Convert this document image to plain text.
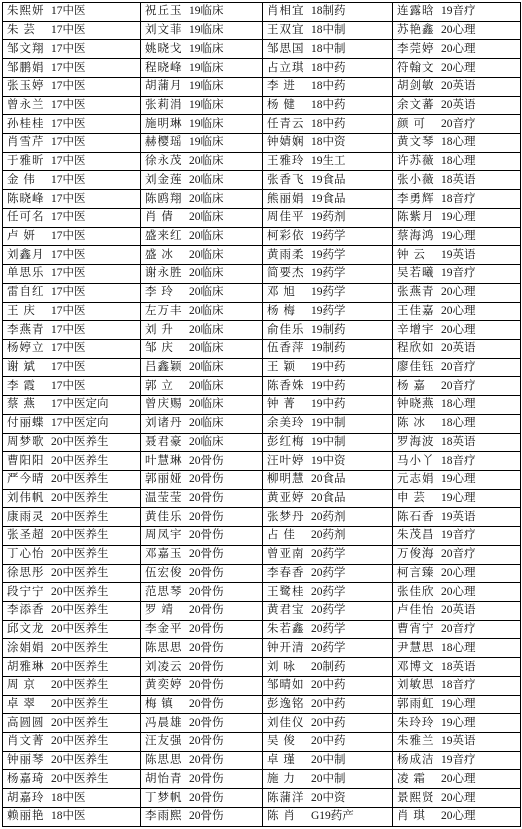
朱熙妍 17中医	祝丘玉 19临床	肖相宜 18制药	连露晗 19音疗
朱 芸 17中医	刘文菲 19临床	王双宜 18中制	苏艳鑫 20心理
邹文翔 17中医	姚晓戈 19临床	邹思国 18中制	李莞婷 20心理
邹鹏娟 17中医	程晓峰 19临床	占立琪 18中药	符翰文 20心理
张玉婷 17中医	胡蒲月 19临床	李 进 18中药	胡剑敏 20英语
曾永兰 17中医	张莉涓 19临床	杨 健 18中药	余文蕃 20英语
孙桂桂 17中医	施明琳 19临床	任青云 18中药	颜 可 20音疗
肖雪芹 17中医	赫樱瑶 19临床	钟婧娴 18中资	黄文琴 18心理
于雅昕 17中医	徐永茂 20临床	王雅玲 19生工	许苏薇 18心理
金 伟 17中医	刘金莲 20临床	张香飞 19食品	张小薇 18英语
陈晓峰 17中医	陈鸥翔 20临床	熊丽娟 19食品	李勇辉 18音疗
任可名 17中医	肖 倩 20临床	周佳平 19药剂	陈紫月 19心理
卢 妍 17中医	盛来红 20临床	柯彩依 19药学	蔡海鸿 19心理
刘鑫月 17中医	盛 冰 20临床	黄雨柔 19药学	钟 云 19英语
单思乐 17中医	谢永胜 20临床	简要杰 19药学	吴若曦 19音疗
雷自红 17中医	李 玲 20临床	邓 旭 19药学	张燕青 20心理
王 庆 17中医	左万丰 20临床	杨 梅 19药学	王佳嘉 20心理
李燕青 17中医	刘 升 20临床	俞佳乐 19制药	辛增宇 20心理
杨婷立 17中医	邹 庆 20临床	伍香萍 19制药	程欣如 20英语
谢 斌 17中医	吕鑫颖 20临床	王 颖 19中药	廖佳钰 20音疗
李 霞 17中医	郭 立 20临床	陈香姝 19中药	杨 嘉 20音疗
蔡 燕 17中医定向	曾庆赐 20临床	钟 菁 19中药	钟晓燕 18心理
付丽蝶 17中医定向	刘诸丹 20临床	余美玲 19中制	陈 冰 18心理
周梦歌 20中医养生	聂君豪 20临床	彭红梅 19中制	罗海波 18英语
曹阳阳 20中医养生	叶慧琳 20骨伤	汪叶婷 19中资	马小丫 18音疗
严今晴 20中医养生	郭丽娅 20骨伤	柳明慧 20食品	元志娟 19心理
刘伟帆 20中医养生	温莹莹 20骨伤	黄亚婷 20食品	申 芸 19心理
康雨灵 20中医养生	黄佳乐 20骨伤	张梦丹 20药剂	陈石香 19英语
张圣超 20中医养生	周凤宇 20骨伤	占 佳 20药剂	朱茂昌 19音疗
丁心怡 20中医养生	邓嘉玉 20骨伤	曾亚南 20药学	万俊海 20音疗
徐思彤 20中医养生	伍宏俊 20骨伤	李春香 20药学	柯言臻 20心理
段宁宁 20中医养生	范思琴 20骨伤	王鹭桂 20药学	张佳欣 20心理
李添香 20中医养生	罗 靖 20骨伤	黄君宝 20药学	卢佳怡 20英语
邱文龙 20中医养生	李金平 20骨伤	朱若鑫 20药学	曹宵宁 20音疗
涂娟娟 20中医养生	陈思思 20骨伤	钟开清 20药学	尹慧思 18心理
胡雅琳 20中医养生	刘凌云 20骨伤	刘 咏 20制药	邓博文 18英语
周 京 20中医养生	黄奕婷 20骨伤	邹晴如 20中药	刘敏思 18音疗
卓 翠 20中医养生	梅 镇 20骨伤	彭逸铭 20中药	郭雨虹 19心理
高圆圆 20中医养生	冯晨雄 20骨伤	刘佳仪 20中药	朱玲玲 19心理
肖文菁 20中医养生	汪友强 20骨伤	吴 俊 20中药	朱雅兰 19英语
钟丽琴 20中医养生	陈思思 20骨伤	卓 瑾 20中制	杨成洁 19音疗
杨嘉琦 20中医养生	胡怡青 20骨伤	施 力 20中制	凌 霜 20心理
胡嘉玲 18中医	丁梦帆 20骨伤	陈蒲洋 20中资	景熙贤 20心理
赖丽艳 18中医	李雨熙 20骨伤	陈 肖 G19药产	肖 琪 20心理
